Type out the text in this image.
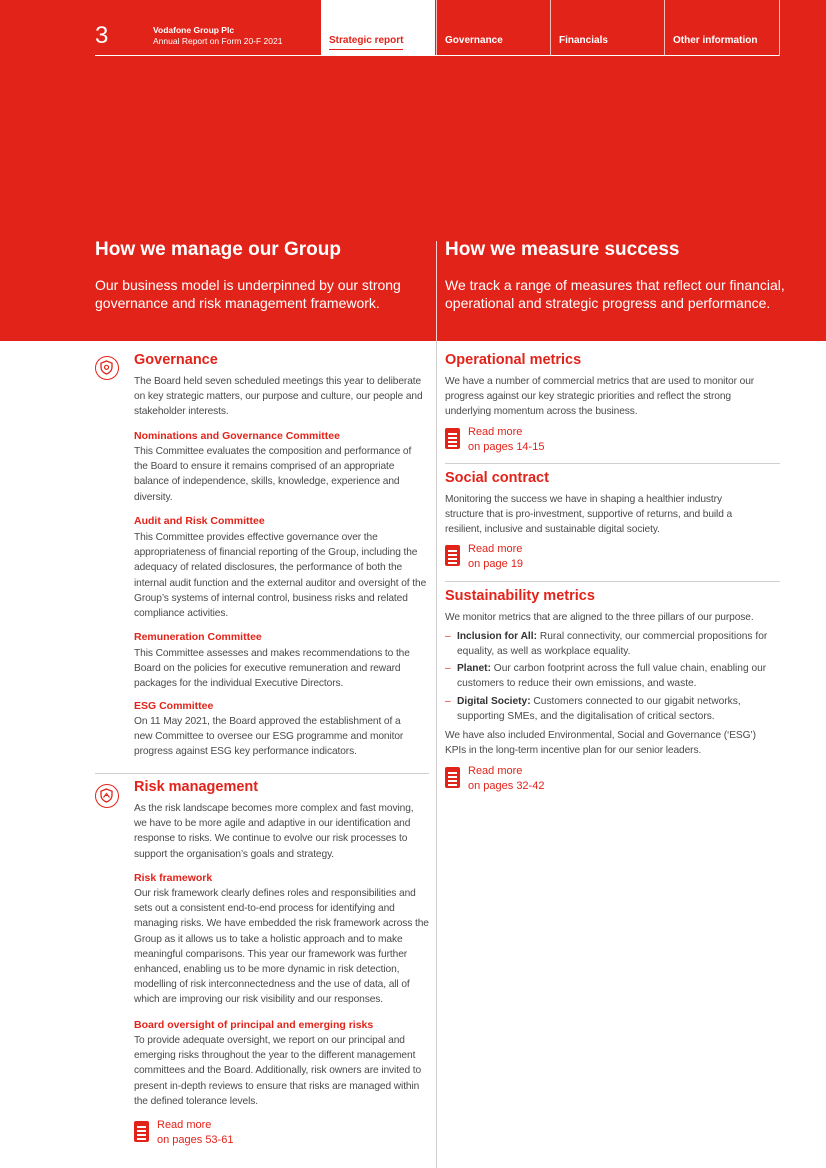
3	Vodafone Group Plc
Annual Report on Form 20-F 2021	Strategic report	Governance	Financials	Other information
How we manage our Group
Our business model is underpinned by our strong governance and risk management framework.
How we measure success
We track a range of measures that reflect our financial, operational and strategic progress and performance.
Governance
The Board held seven scheduled meetings this year to deliberate on key strategic matters, our purpose and culture, our people and stakeholder interests.
Nominations and Governance Committee
This Committee evaluates the composition and performance of the Board to ensure it remains comprised of an appropriate balance of independence, skills, knowledge, experience and diversity.
Audit and Risk Committee
This Committee provides effective governance over the appropriateness of financial reporting of the Group, including the adequacy of related disclosures, the performance of both the internal audit function and the external auditor and oversight of the Group’s systems of internal control, business risks and related compliance activities.
Remuneration Committee
This Committee assesses and makes recommendations to the Board on the policies for executive remuneration and reward packages for the individual Executive Directors.
ESG Committee
On 11 May 2021, the Board approved the establishment of a new Committee to oversee our ESG programme and monitor progress against ESG key performance indicators.
Risk management
As the risk landscape becomes more complex and fast moving, we have to be more agile and adaptive in our identification and response to risks. We continue to evolve our risk processes to support the organisation’s goals and strategy.
Risk framework
Our risk framework clearly defines roles and responsibilities and sets out a consistent end-to-end process for identifying and managing risks. We have embedded the risk framework across the Group as it allows us to take a holistic approach and to make meaningful comparisons. This year our framework was further enhanced, enabling us to be more dynamic in risk detection, modelling of risk interconnectedness and the use of data, all of which are improving our risk visibility and our responses.
Board oversight of principal and emerging risks
To provide adequate oversight, we report on our principal and emerging risks throughout the year to the different management committees and the Board. Additionally, risk owners are invited to present in-depth reviews to ensure that risks are managed within the defined tolerance levels.
Read more
on pages 53-61
Operational metrics
We have a number of commercial metrics that are used to monitor our progress against our key strategic priorities and reflect the strong underlying momentum across the business.
Read more
on pages 14-15
Social contract
Monitoring the success we have in shaping a healthier industry structure that is pro-investment, supportive of returns, and build a resilient, inclusive and sustainable digital society.
Read more
on page 19
Sustainability metrics
We monitor metrics that are aligned to the three pillars of our purpose.
– Inclusion for All: Rural connectivity, our commercial propositions for equality, as well as workplace equality.
– Planet: Our carbon footprint across the full value chain, enabling our customers to reduce their own emissions, and waste.
– Digital Society: Customers connected to our gigabit networks, supporting SMEs, and the digitalisation of critical sectors.
We have also included Environmental, Social and Governance (‘ESG’) KPIs in the long-term incentive plan for our senior leaders.
Read more
on pages 32-42
